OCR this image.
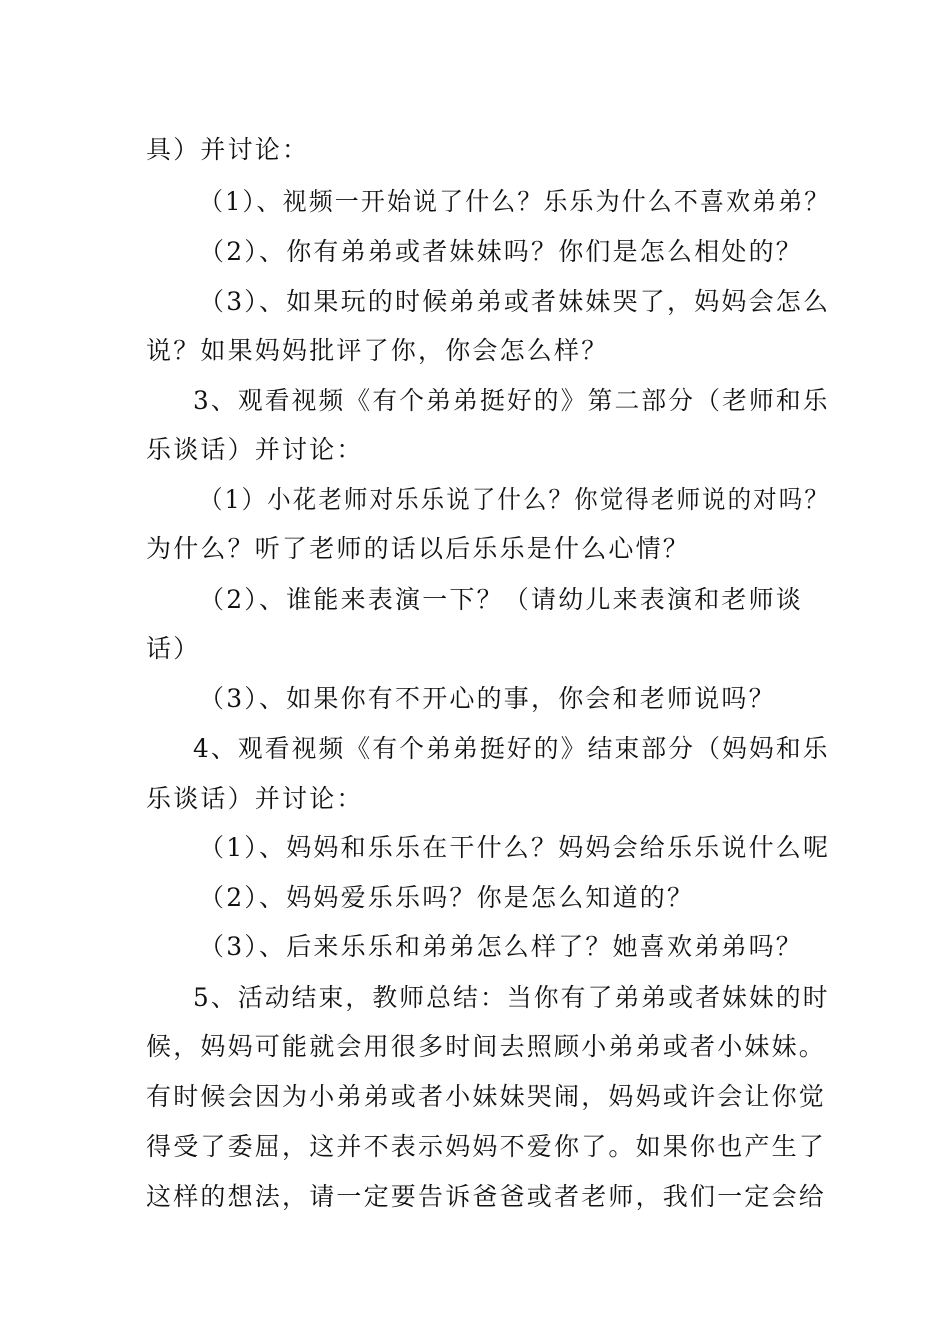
具）并讨论：
（1）、视频一开始说了什么？乐乐为什么不喜欢弟弟？
（2）、你有弟弟或者妹妹吗？你们是怎么相处的？
（3）、如果玩的时候弟弟或者妹妹哭了，妈妈会怎么
说？如果妈妈批评了你，你会怎么样？
3、观看视频《有个弟弟挺好的》第二部分（老师和乐
乐谈话）并讨论：
（1）小花老师对乐乐说了什么？你觉得老师说的对吗？
为什么？听了老师的话以后乐乐是什么心情？
（2）、谁能来表演一下？（请幼儿来表演和老师谈
话）
（3）、如果你有不开心的事，你会和老师说吗？
4、观看视频《有个弟弟挺好的》结束部分（妈妈和乐
乐谈话）并讨论：
（1）、妈妈和乐乐在干什么？妈妈会给乐乐说什么呢
（2）、妈妈爱乐乐吗？你是怎么知道的？
（3）、后来乐乐和弟弟怎么样了？她喜欢弟弟吗？
5、活动结束，教师总结：当你有了弟弟或者妹妹的时
候，妈妈可能就会用很多时间去照顾小弟弟或者小妹妹。
有时候会因为小弟弟或者小妹妹哭闹，妈妈或许会让你觉
得受了委屈，这并不表示妈妈不爱你了。如果你也产生了
这样的想法，请一定要告诉爸爸或者老师，我们一定会给
